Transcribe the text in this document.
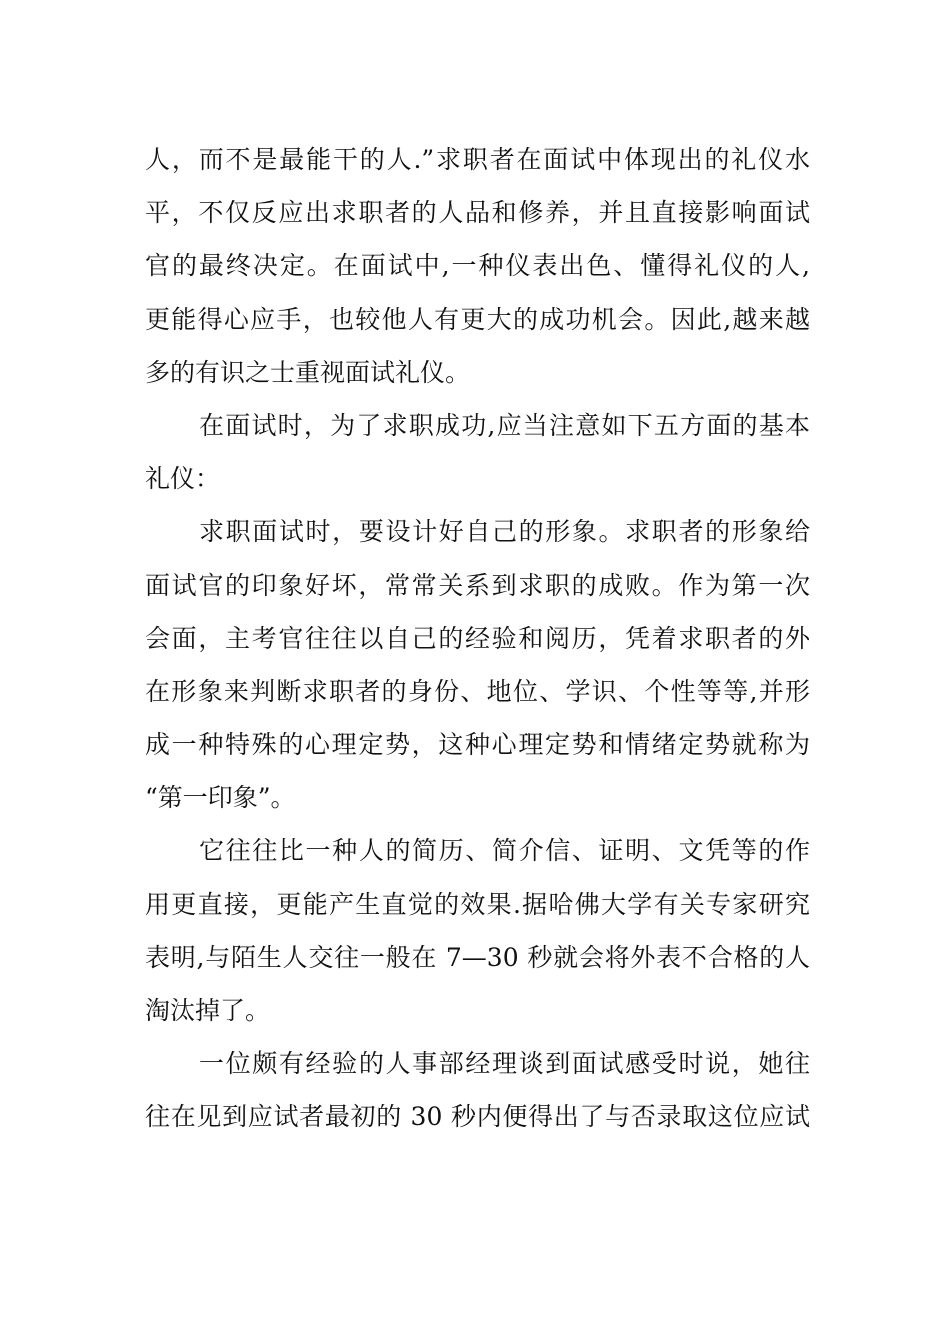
人，而不是最能干的人.”求职者在面试中体现出的礼仪水
平，不仅反应出求职者的人品和修养，并且直接影响面试
官的最终决定。在面试中,一种仪表出色、懂得礼仪的人,
更能得心应手，也较他人有更大的成功机会。因此,越来越
多的有识之士重视面试礼仪。
在面试时，为了求职成功,应当注意如下五方面的基本
礼仪：
求职面试时，要设计好自己的形象。求职者的形象给
面试官的印象好坏，常常关系到求职的成败。作为第一次
会面，主考官往往以自己的经验和阅历，凭着求职者的外
在形象来判断求职者的身份、地位、学识、个性等等,并形
成一种特殊的心理定势，这种心理定势和情绪定势就称为
“第一印象”。
它往往比一种人的简历、简介信、证明、文凭等的作
用更直接，更能产生直觉的效果.据哈佛大学有关专家研究
表明,与陌生人交往一般在 7—30 秒就会将外表不合格的人
淘汰掉了。
一位颇有经验的人事部经理谈到面试感受时说，她往
往在见到应试者最初的 30 秒内便得出了与否录取这位应试
